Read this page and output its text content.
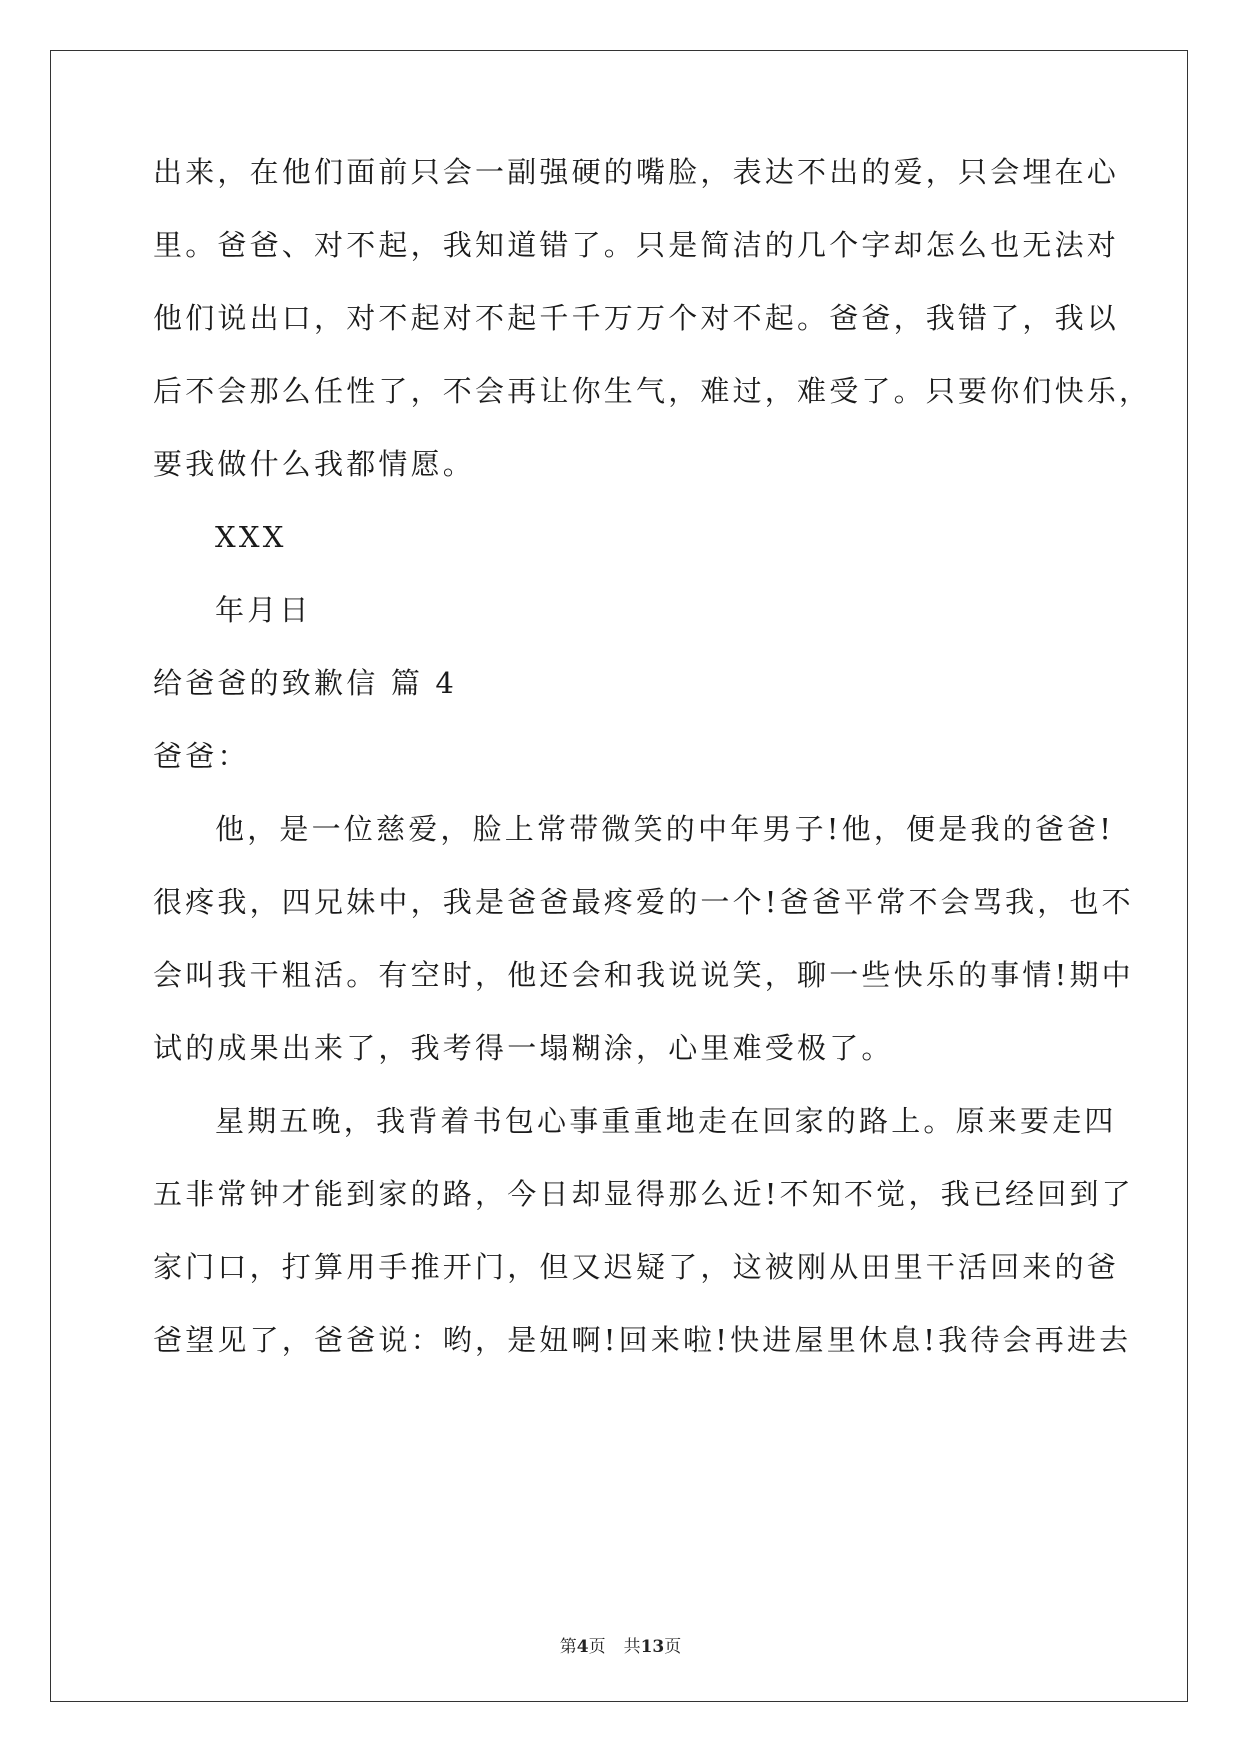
出来，在他们面前只会一副强硬的嘴脸，表达不出的爱，只会埋在心
里。爸爸、对不起，我知道错了。只是简洁的几个字却怎么也无法对
他们说出口，对不起对不起千千万万个对不起。爸爸，我错了，我以
后不会那么任性了，不会再让你生气，难过，难受了。只要你们快乐，
要我做什么我都情愿。
XXX
年月日
给爸爸的致歉信 篇 4
爸爸：
他，是一位慈爱，脸上常带微笑的中年男子!他，便是我的爸爸!
很疼我，四兄妹中，我是爸爸最疼爱的一个!爸爸平常不会骂我，也不
会叫我干粗活。有空时，他还会和我说说笑，聊一些快乐的事情!期中
试的成果出来了，我考得一塌糊涂，心里难受极了。
星期五晚，我背着书包心事重重地走在回家的路上。原来要走四
五非常钟才能到家的路，今日却显得那么近!不知不觉，我已经回到了
家门口，打算用手推开门，但又迟疑了，这被刚从田里干活回来的爸
爸望见了，爸爸说：哟，是妞啊!回来啦!快进屋里休息!我待会再进去
第4页 共13页
